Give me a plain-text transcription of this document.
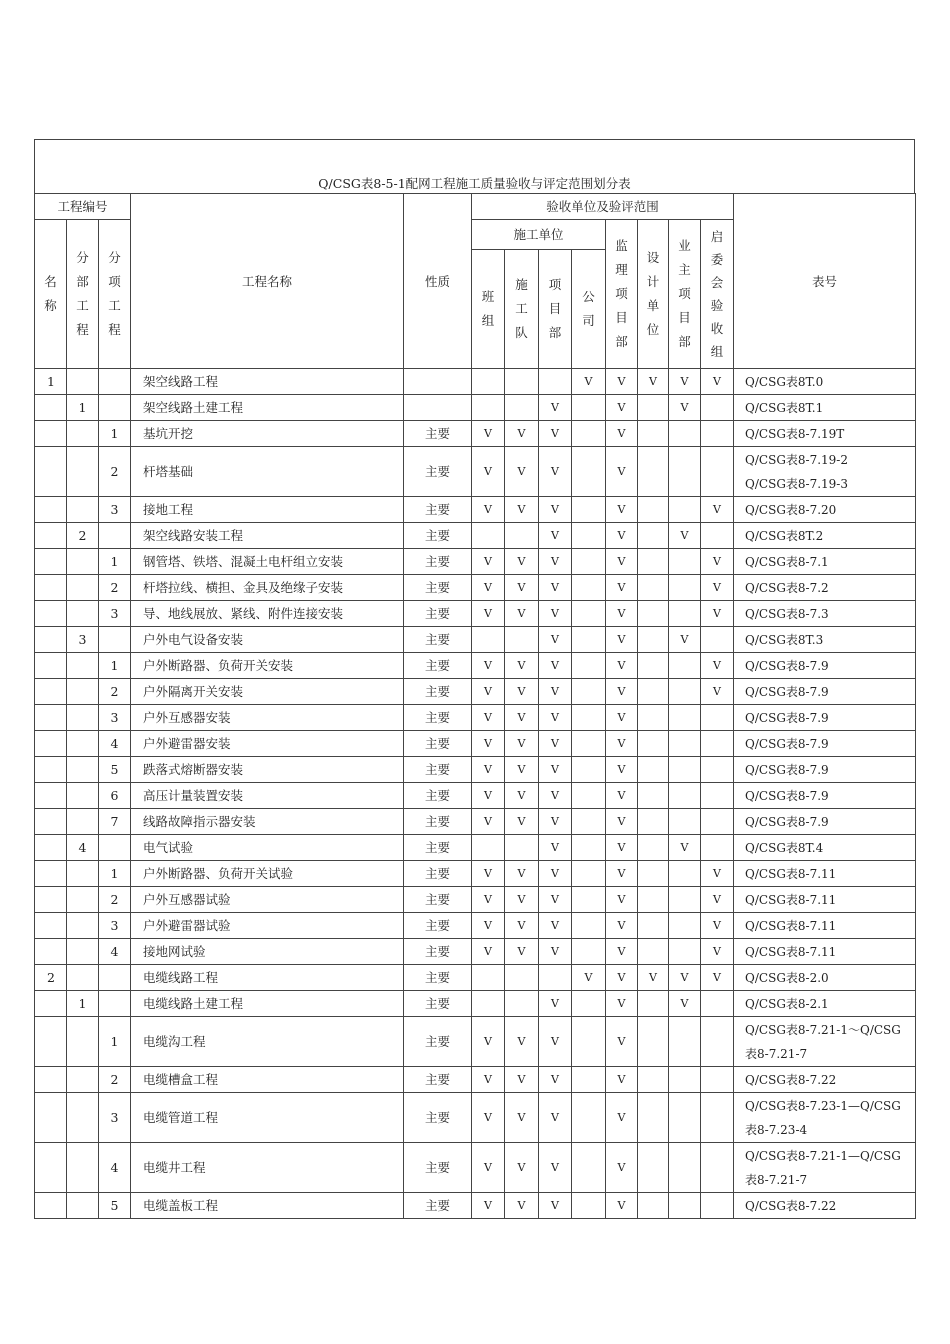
Q/CSG表8-5-1配网工程施工质量验收与评定范围划分表
工程编号			工程名称	性质	验收单位及验评范围								表号
名称	分部工程	分项工程			施工单位				监理项目部	设计单位	业主项目部	启委会验收组	
					班组	施工队	项目部	公司					
1			架空线路工程					V	V	V	V	V	Q/CSG表8T.0

	1		架空线路土建工程				V		V		V		Q/CSG表8T.1

		1	基坑开挖	主要	V	V	V		V				Q/CSG表8-7.19T

		2	杆塔基础	主要	V	V	V		V				Q/CSG表8-7.19-2
Q/CSG表8-7.19-3

		3	接地工程	主要	V	V	V		V			V	Q/CSG表8-7.20

	2		架空线路安装工程	主要			V		V		V		Q/CSG表8T.2

		1	钢管塔、铁塔、混凝土电杆组立安装	主要	V	V	V		V			V	Q/CSG表8-7.1

		2	杆塔拉线、横担、金具及绝缘子安装	主要	V	V	V		V			V	Q/CSG表8-7.2

		3	导、地线展放、紧线、附件连接安装	主要	V	V	V		V			V	Q/CSG表8-7.3

	3		户外电气设备安装	主要			V		V		V		Q/CSG表8T.3

		1	户外断路器、负荷开关安装	主要	V	V	V		V			V	Q/CSG表8-7.9

		2	户外隔离开关安装	主要	V	V	V		V			V	Q/CSG表8-7.9

		3	户外互感器安装	主要	V	V	V		V				Q/CSG表8-7.9

		4	户外避雷器安装	主要	V	V	V		V				Q/CSG表8-7.9

		5	跌落式熔断器安装	主要	V	V	V		V				Q/CSG表8-7.9

		6	高压计量装置安装	主要	V	V	V		V				Q/CSG表8-7.9

		7	线路故障指示器安装	主要	V	V	V		V				Q/CSG表8-7.9

	4		电气试验	主要			V		V		V		Q/CSG表8T.4

		1	户外断路器、负荷开关试验	主要	V	V	V		V			V	Q/CSG表8-7.11

		2	户外互感器试验	主要	V	V	V		V			V	Q/CSG表8-7.11

		3	户外避雷器试验	主要	V	V	V		V			V	Q/CSG表8-7.11

		4	接地网试验	主要	V	V	V		V			V	Q/CSG表8-7.11

2			电缆线路工程	主要				V	V	V	V	V	Q/CSG表8-2.0

	1		电缆线路土建工程	主要			V		V		V		Q/CSG表8-2.1

		1	电缆沟工程	主要	V	V	V		V				Q/CSG表8-7.21-1〜Q/CSG
表8-7.21-7

		2	电缆槽盒工程	主要	V	V	V		V				Q/CSG表8-7.22

		3	电缆管道工程	主要	V	V	V		V				Q/CSG表8-7.23-1—Q/CSG
表8-7.23-4

		4	电缆井工程	主要	V	V	V		V				Q/CSG表8-7.21-1—Q/CSG
表8-7.21-7

		5	电缆盖板工程	主要	V	V	V		V				Q/CSG表8-7.22
